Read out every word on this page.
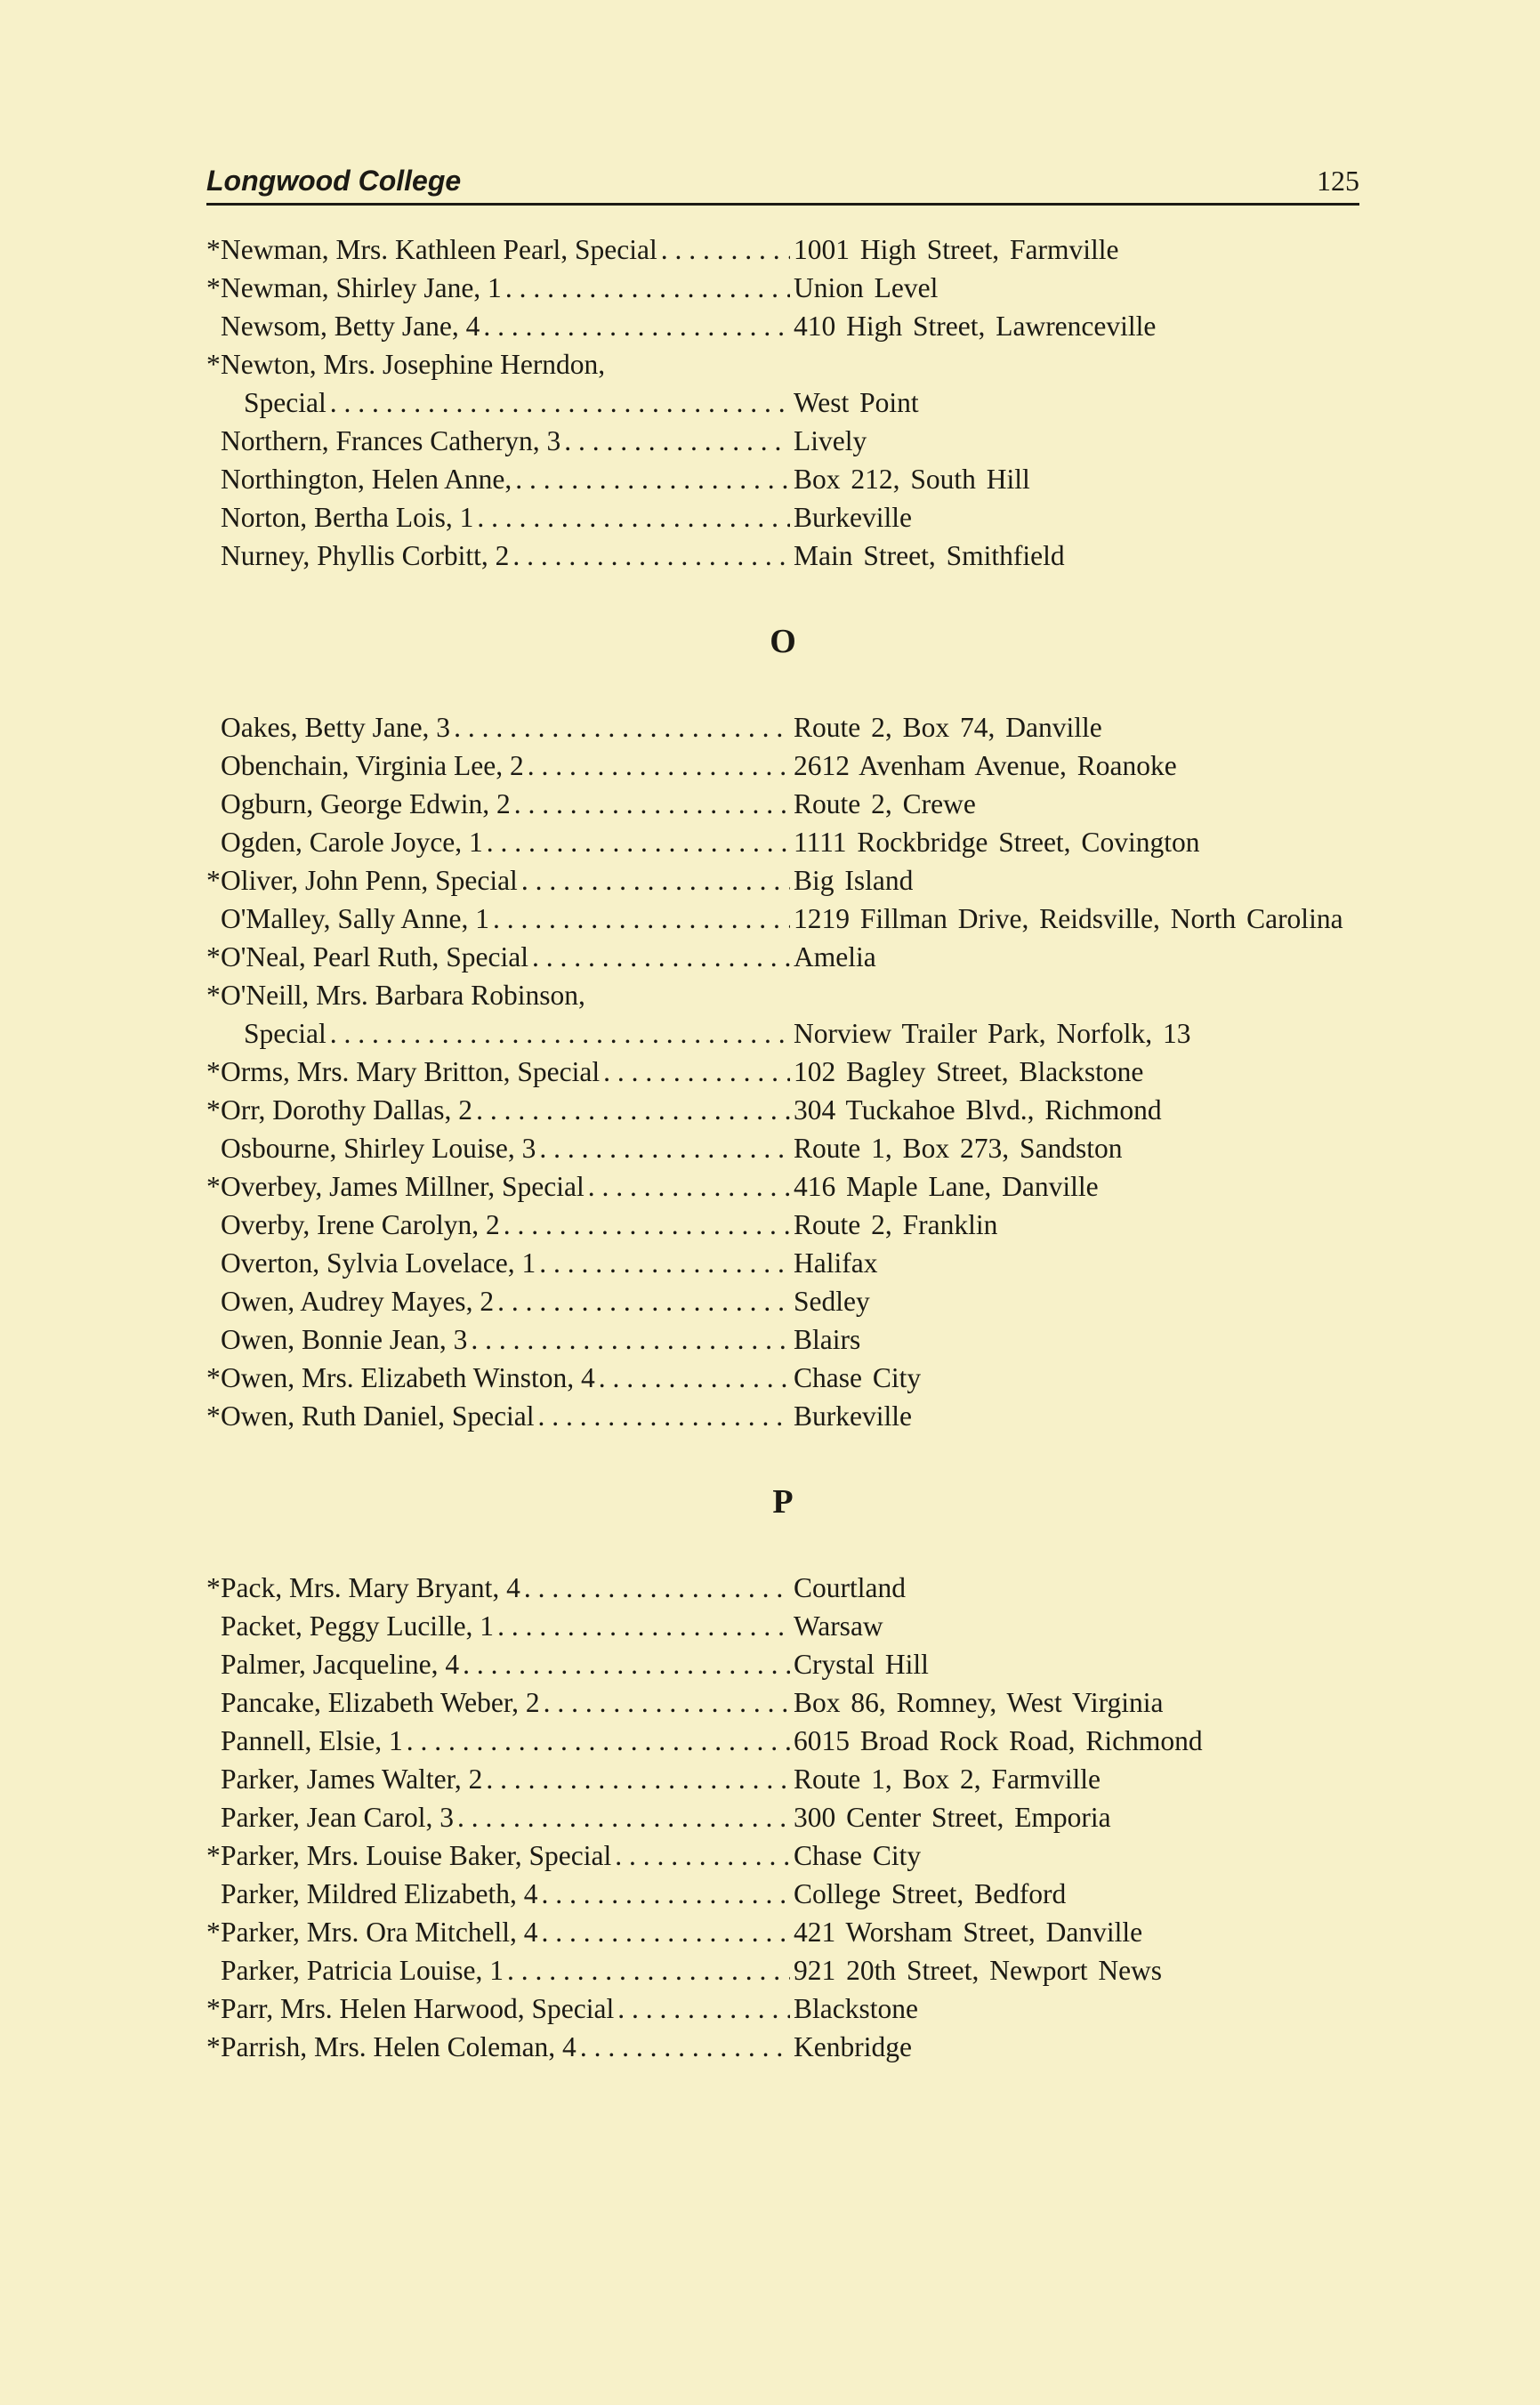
Longwood College	125
* Newman, Mrs. Kathleen Pearl, Special . . .	1001 High Street, Farmville
* Newman, Shirley Jane, 1 . . .	Union Level
Newsom, Betty Jane, 4 . . .	410 High Street, Lawrenceville
* Newton, Mrs. Josephine Herndon,
Special . . .	West Point
Northern, Frances Catheryn, 3 . . .	Lively
Northington, Helen Anne, . . .	Box 212, South Hill
Norton, Bertha Lois, 1 . . .	Burkeville
Nurney, Phyllis Corbitt, 2 . . .	Main Street, Smithfield
O
Oakes, Betty Jane, 3 . . .	Route 2, Box 74, Danville
Obenchain, Virginia Lee, 2 . . .	2612 Avenham Avenue, Roanoke
Ogburn, George Edwin, 2 . . .	Route 2, Crewe
Ogden, Carole Joyce, 1 . . .	1111 Rockbridge Street, Covington
* Oliver, John Penn, Special . . .	Big Island
O'Malley, Sally Anne, 1 . . .	1219 Fillman Drive, Reidsville, North Carolina
* O'Neal, Pearl Ruth, Special . . .	Amelia
* O'Neill, Mrs. Barbara Robinson,
Special . . .	Norview Trailer Park, Norfolk, 13
* Orms, Mrs. Mary Britton, Special . . .	102 Bagley Street, Blackstone
* Orr, Dorothy Dallas, 2 . . .	304 Tuckahoe Blvd., Richmond
Osbourne, Shirley Louise, 3 . . .	Route 1, Box 273, Sandston
* Overbey, James Millner, Special . . .	416 Maple Lane, Danville
Overby, Irene Carolyn, 2 . . .	Route 2, Franklin
Overton, Sylvia Lovelace, 1 . . .	Halifax
Owen, Audrey Mayes, 2 . . .	Sedley
Owen, Bonnie Jean, 3 . . .	Blairs
* Owen, Mrs. Elizabeth Winston, 4 . . .	Chase City
* Owen, Ruth Daniel, Special . . .	Burkeville
P
* Pack, Mrs. Mary Bryant, 4 . . .	Courtland
Packet, Peggy Lucille, 1 . . .	Warsaw
Palmer, Jacqueline, 4 . . .	Crystal Hill
Pancake, Elizabeth Weber, 2 . . .	Box 86, Romney, West Virginia
Pannell, Elsie, 1 . . .	6015 Broad Rock Road, Richmond
Parker, James Walter, 2 . . .	Route 1, Box 2, Farmville
Parker, Jean Carol, 3 . . .	300 Center Street, Emporia
* Parker, Mrs. Louise Baker, Special . . .	Chase City
Parker, Mildred Elizabeth, 4 . . .	College Street, Bedford
* Parker, Mrs. Ora Mitchell, 4 . . .	421 Worsham Street, Danville
Parker, Patricia Louise, 1 . . .	921 20th Street, Newport News
* Parr, Mrs. Helen Harwood, Special . . .	Blackstone
* Parrish, Mrs. Helen Coleman, 4 . . .	Kenbridge
